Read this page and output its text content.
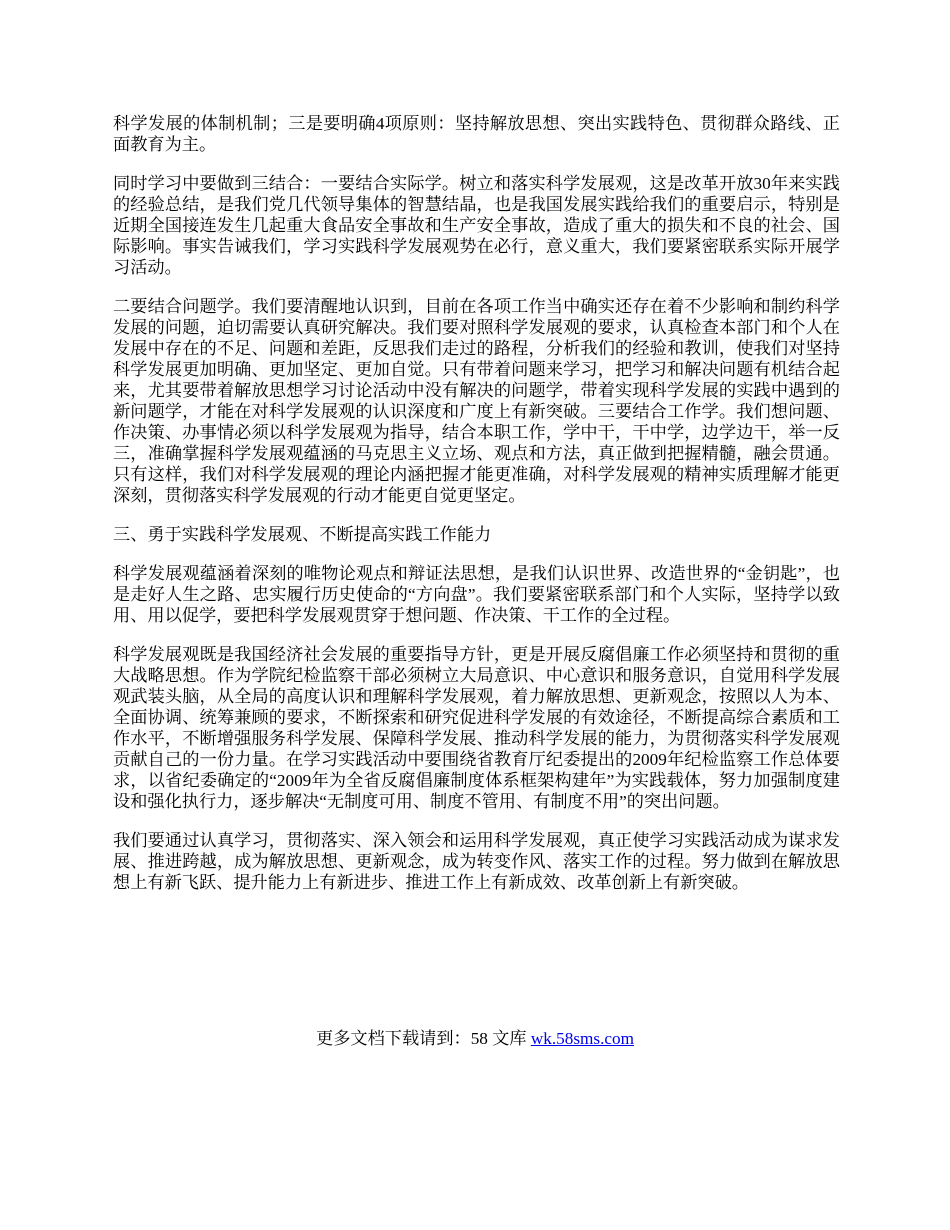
科学发展的体制机制；三是要明确4项原则：坚持解放思想、突出实践特色、贯彻群众路线、正面教育为主。

同时学习中要做到三结合：一要结合实际学。树立和落实科学发展观，这是改革开放30年来实践的经验总结，是我们党几代领导集体的智慧结晶，也是我国发展实践给我们的重要启示，特别是近期全国接连发生几起重大食品安全事故和生产安全事故，造成了重大的损失和不良的社会、国际影响。事实告诫我们，学习实践科学发展观势在必行，意义重大，我们要紧密联系实际开展学习活动。

二要结合问题学。我们要清醒地认识到，目前在各项工作当中确实还存在着不少影响和制约科学发展的问题，迫切需要认真研究解决。我们要对照科学发展观的要求，认真检查本部门和个人在发展中存在的不足、问题和差距，反思我们走过的路程，分析我们的经验和教训，使我们对坚持科学发展更加明确、更加坚定、更加自觉。只有带着问题来学习，把学习和解决问题有机结合起来，尤其要带着解放思想学习讨论活动中没有解决的问题学，带着实现科学发展的实践中遇到的新问题学，才能在对科学发展观的认识深度和广度上有新突破。三要结合工作学。我们想问题、作决策、办事情必须以科学发展观为指导，结合本职工作，学中干，干中学，边学边干，举一反三，准确掌握科学发展观蕴涵的马克思主义立场、观点和方法，真正做到把握精髓，融会贯通。只有这样，我们对科学发展观的理论内涵把握才能更准确，对科学发展观的精神实质理解才能更深刻，贯彻落实科学发展观的行动才能更自觉更坚定。

三、勇于实践科学发展观、不断提高实践工作能力

科学发展观蕴涵着深刻的唯物论观点和辩证法思想，是我们认识世界、改造世界的“金钥匙”，也是走好人生之路、忠实履行历史使命的“方向盘”。我们要紧密联系部门和个人实际，坚持学以致用、用以促学，要把科学发展观贯穿于想问题、作决策、干工作的全过程。

科学发展观既是我国经济社会发展的重要指导方针，更是开展反腐倡廉工作必须坚持和贯彻的重大战略思想。作为学院纪检监察干部必须树立大局意识、中心意识和服务意识，自觉用科学发展观武装头脑，从全局的高度认识和理解科学发展观，着力解放思想、更新观念，按照以人为本、全面协调、统筹兼顾的要求，不断探索和研究促进科学发展的有效途径，不断提高综合素质和工作水平，不断增强服务科学发展、保障科学发展、推动科学发展的能力，为贯彻落实科学发展观贡献自己的一份力量。在学习实践活动中要围绕省教育厅纪委提出的2009年纪检监察工作总体要求，以省纪委确定的“2009年为全省反腐倡廉制度体系框架构建年”为实践载体，努力加强制度建设和强化执行力，逐步解决“无制度可用、制度不管用、有制度不用”的突出问题。

我们要通过认真学习，贯彻落实、深入领会和运用科学发展观，真正使学习实践活动成为谋求发展、推进跨越，成为解放思想、更新观念，成为转变作风、落实工作的过程。努力做到在解放思想上有新飞跃、提升能力上有新进步、推进工作上有新成效、改革创新上有新突破。

更多文档下载请到：58 文库 wk.58sms.com
